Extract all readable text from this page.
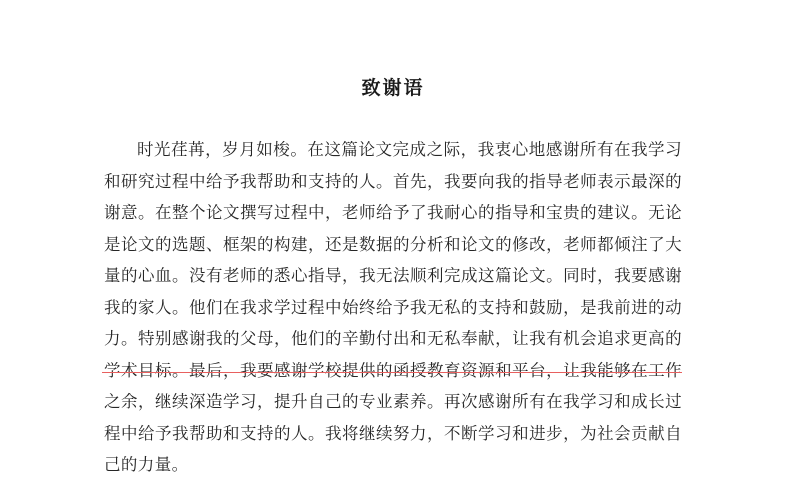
致谢语

时光荏苒，岁月如梭。在这篇论文完成之际，我衷心地感谢所有在我学习和研究过程中给予我帮助和支持的人。首先，我要向我的指导老师表示最深的谢意。在整个论文撰写过程中，老师给予了我耐心的指导和宝贵的建议。无论是论文的选题、框架的构建，还是数据的分析和论文的修改，老师都倾注了大量的心血。没有老师的悉心指导，我无法顺利完成这篇论文。同时，我要感谢我的家人。他们在我求学过程中始终给予我无私的支持和鼓励，是我前进的动力。特别感谢我的父母，他们的辛勤付出和无私奉献，让我有机会追求更高的学术目标。最后，我要感谢学校提供的函授教育资源和平台，让我能够在工作之余，继续深造学习，提升自己的专业素养。再次感谢所有在我学习和成长过程中给予我帮助和支持的人。我将继续努力，不断学习和进步，为社会贡献自己的力量。
